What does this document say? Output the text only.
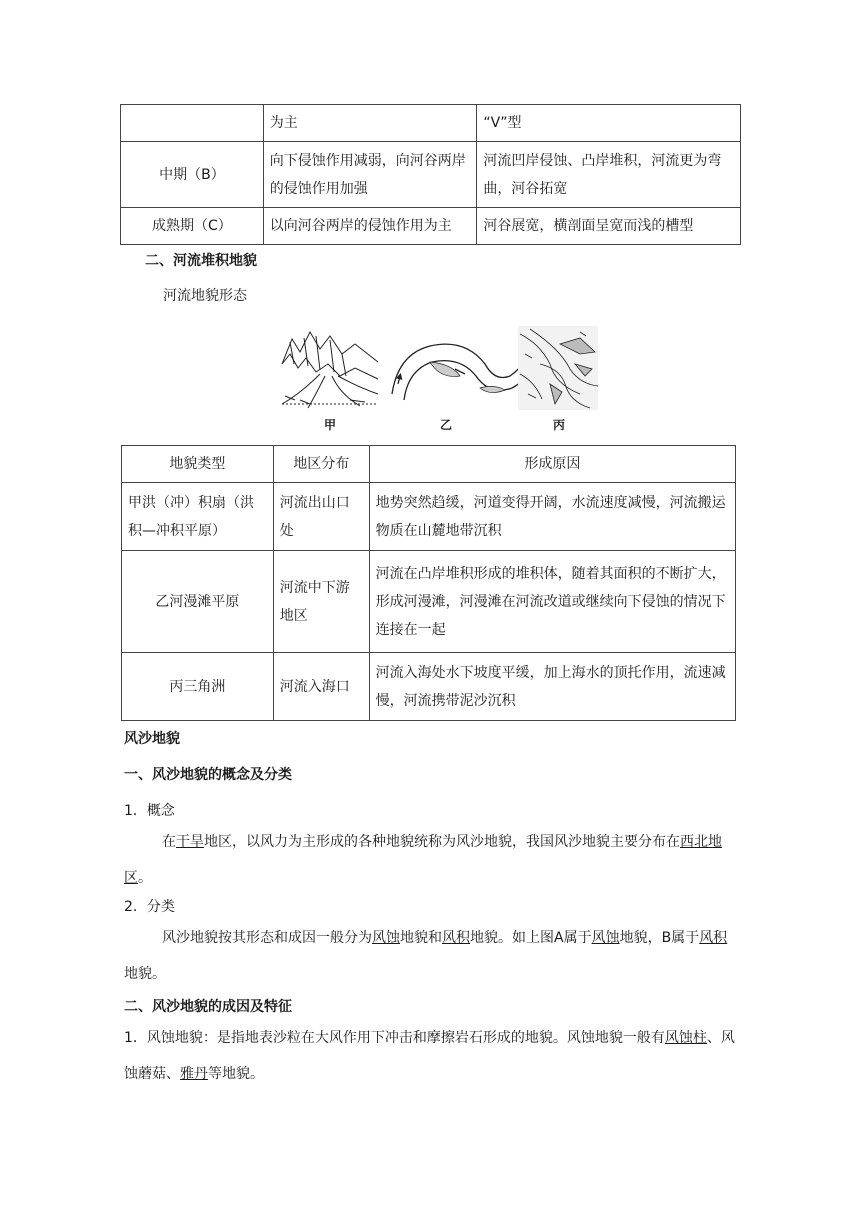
	为主	“V”型
中期（B）	向下侵蚀作用减弱，向河谷两岸的侵蚀作用加强	河流凹岸侵蚀、凸岸堆积，河流更为弯曲，河谷拓宽
成熟期（C）	以向河谷两岸的侵蚀作用为主	河谷展宽，横剖面呈宽而浅的槽型
二、河流堆积地貌
河流地貌形态
甲	乙	丙
地貌类型	地区分布	形成原因
甲洪（冲）积扇（洪积—冲积平原）	河流出山口处	地势突然趋缓，河道变得开阔，水流速度减慢，河流搬运物质在山麓地带沉积
乙河漫滩平原	河流中下游地区	河流在凸岸堆积形成的堆积体，随着其面积的不断扩大，形成河漫滩，河漫滩在河流改道或继续向下侵蚀的情况下连接在一起
丙三角洲	河流入海口	河流入海处水下坡度平缓，加上海水的顶托作用，流速减慢，河流携带泥沙沉积
风沙地貌
一、风沙地貌的概念及分类
1．概念
在干旱地区，以风力为主形成的各种地貌统称为风沙地貌，我国风沙地貌主要分布在西北地区。
2．分类
风沙地貌按其形态和成因一般分为风蚀地貌和风积地貌。如上图A属于风蚀地貌，B属于风积地貌。
二、风沙地貌的成因及特征
1．风蚀地貌：是指地表沙粒在大风作用下冲击和摩擦岩石形成的地貌。风蚀地貌一般有风蚀柱、风蚀蘑菇、雅丹等地貌。
